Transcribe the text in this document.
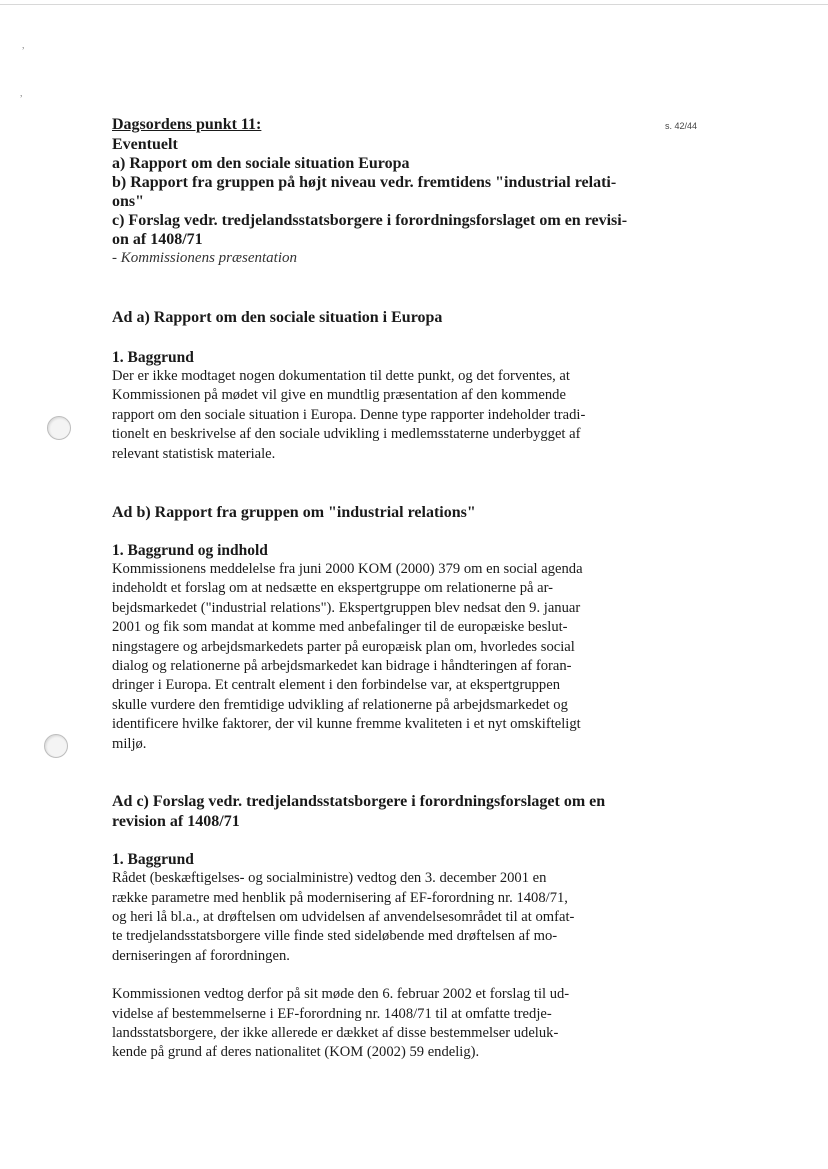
,
,
s. 42/44
Dagsordens punkt 11:
Eventuelt
a) Rapport om den sociale situation Europa
b) Rapport fra gruppen på højt niveau vedr. fremtidens "industrial relati-
ons"
c) Forslag vedr. tredjelandsstatsborgere i forordningsforslaget om en revisi-
on af 1408/71
- Kommissionens præsentation
Ad a) Rapport om den sociale situation i Europa
1. Baggrund
Der er ikke modtaget nogen dokumentation til dette punkt, og det forventes, at
Kommissionen på mødet vil give en mundtlig præsentation af den kommende
rapport om den sociale situation i Europa. Denne type rapporter indeholder tradi-
tionelt en beskrivelse af den sociale udvikling i medlemsstaterne underbygget af
relevant statistisk materiale.
Ad b) Rapport fra gruppen om "industrial relations"
1. Baggrund og indhold
Kommissionens meddelelse fra juni 2000 KOM (2000) 379 om en social agenda
indeholdt et forslag om at nedsætte en ekspertgruppe om relationerne på ar-
bejdsmarkedet ("industrial relations"). Ekspertgruppen blev nedsat den 9. januar
2001 og fik som mandat at komme med anbefalinger til de europæiske beslut-
ningstagere og arbejdsmarkedets parter på europæisk plan om, hvorledes social
dialog og relationerne på arbejdsmarkedet kan bidrage i håndteringen af foran-
dringer i Europa. Et centralt element i den forbindelse var, at ekspertgruppen
skulle vurdere den fremtidige udvikling af relationerne på arbejdsmarkedet og
identificere hvilke faktorer, der vil kunne fremme kvaliteten i et nyt omskifteligt
miljø.
Ad c) Forslag vedr. tredjelandsstatsborgere i forordningsforslaget om en
revision af 1408/71
1. Baggrund
Rådet (beskæftigelses- og socialministre) vedtog den 3. december 2001 en
række parametre med henblik på modernisering af EF-forordning nr. 1408/71,
og heri lå bl.a., at drøftelsen om udvidelsen af anvendelsesområdet til at omfat-
te tredjelandsstatsborgere ville finde sted sideløbende med drøftelsen af mo-
derniseringen af forordningen.
Kommissionen vedtog derfor på sit møde den 6. februar 2002 et forslag til ud-
videlse af bestemmelserne i EF-forordning nr. 1408/71 til at omfatte tredje-
landsstatsborgere, der ikke allerede er dækket af disse bestemmelser udeluk-
kende på grund af deres nationalitet (KOM (2002) 59 endelig).
